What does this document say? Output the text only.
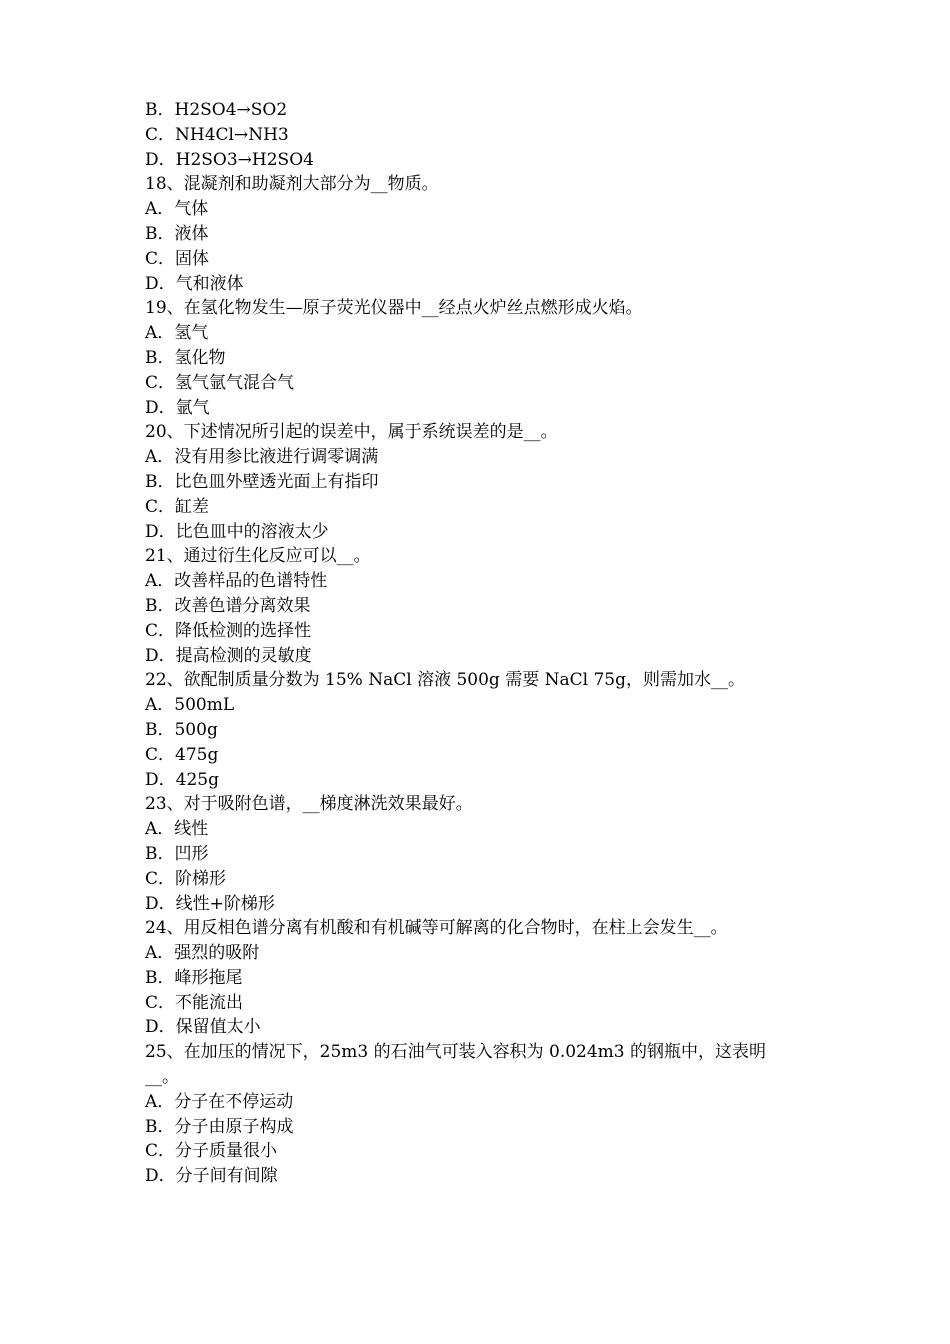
B．H2SO4→SO2
C．NH4Cl→NH3
D．H2SO3→H2SO4
18、混凝剂和助凝剂大部分为__物质。
A．气体
B．液体
C．固体
D．气和液体
19、在氢化物发生—原子荧光仪器中__经点火炉丝点燃形成火焰。
A．氢气
B．氢化物
C．氢气氩气混合气
D．氩气
20、下述情况所引起的误差中，属于系统误差的是__。
A．没有用参比液进行调零调满
B．比色皿外壁透光面上有指印
C．缸差
D．比色皿中的溶液太少
21、通过衍生化反应可以__。
A．改善样品的色谱特性
B．改善色谱分离效果
C．降低检测的选择性
D．提高检测的灵敏度
22、欲配制质量分数为 15% NaCl 溶液 500g 需要 NaCl 75g，则需加水__。
A．500mL
B．500g
C．475g
D．425g
23、对于吸附色谱，__梯度淋洗效果最好。
A．线性
B．凹形
C．阶梯形
D．线性+阶梯形
24、用反相色谱分离有机酸和有机碱等可解离的化合物时，在柱上会发生__。
A．强烈的吸附
B．峰形拖尾
C．不能流出
D．保留值太小
25、在加压的情况下，25m3 的石油气可装入容积为 0.024m3 的钢瓶中，这表明
__。
A．分子在不停运动
B．分子由原子构成
C．分子质量很小
D．分子间有间隙
